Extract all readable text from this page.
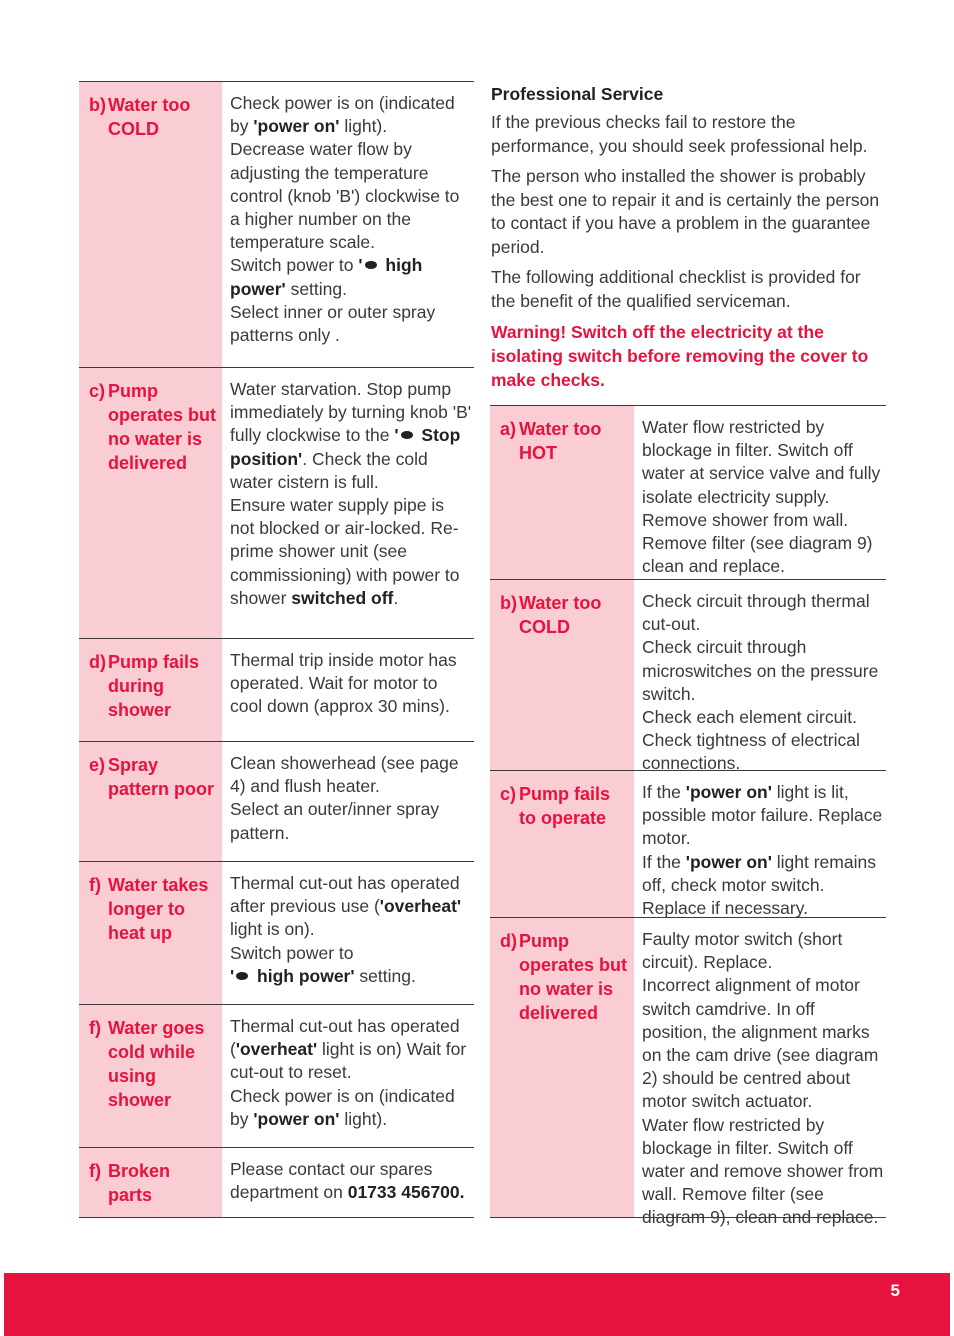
b) Water too COLD

Check power is on (indicated by 'power on' light).

Decrease water flow by adjusting the temperature control (knob 'B') clockwise to a higher number on the temperature scale.

Switch power to ' high power' setting.

Select inner or outer spray patterns only .

c) Pump operates but no water is delivered

Water starvation. Stop pump immediately by turning knob 'B' fully clockwise to the ' Stop position'. Check the cold water cistern is full.

Ensure water supply pipe is not blocked or air-locked. Re-prime shower unit (see commissioning) with power to shower switched off.

d) Pump fails during shower

Thermal trip inside motor has operated. Wait for motor to cool down (approx 30 mins).

e) Spray pattern poor

Clean showerhead (see page 4) and flush heater.

Select an outer/inner spray pattern.

f) Water takes longer to heat up

Thermal cut-out has operated after previous use ('overheat' light is on).

Switch power to

' high power' setting.

f) Water goes cold while using shower

Thermal cut-out has operated ('overheat' light is on) Wait for cut-out to reset.

Check power is on (indicated by 'power on' light).

f) Broken parts

Please contact our spares department on 01733 456700.

Professional Service

If the previous checks fail to restore the performance, you should seek professional help.

The person who installed the shower is probably the best one to repair it and is certainly the person to contact if you have a problem in the guarantee period.

The following additional checklist is provided for the benefit of the qualified serviceman.

Warning! Switch off the electricity at the isolating switch before removing the cover to make checks.
a) Water too HOT

Water flow restricted by blockage in filter. Switch off water at service valve and fully isolate electricity supply.

Remove shower from wall.

Remove filter (see diagram 9) clean and replace.

b) Water too COLD

Check circuit through thermal cut-out.

Check circuit through microswitches on the pressure switch.

Check each element circuit.

Check tightness of electrical connections.

c) Pump fails to operate

If the 'power on' light is lit, possible motor failure. Replace motor.

If the 'power on' light remains off, check motor switch. Replace if necessary.

d) Pump operates but no water is delivered

Faulty motor switch (short circuit). Replace.

Incorrect alignment of motor switch camdrive. In off position, the alignment marks on the cam drive (see diagram 2) should be centred about motor switch actuator.

Water flow restricted by blockage in filter. Switch off water and remove shower from wall. Remove filter (see diagram 9), clean and replace.

5
